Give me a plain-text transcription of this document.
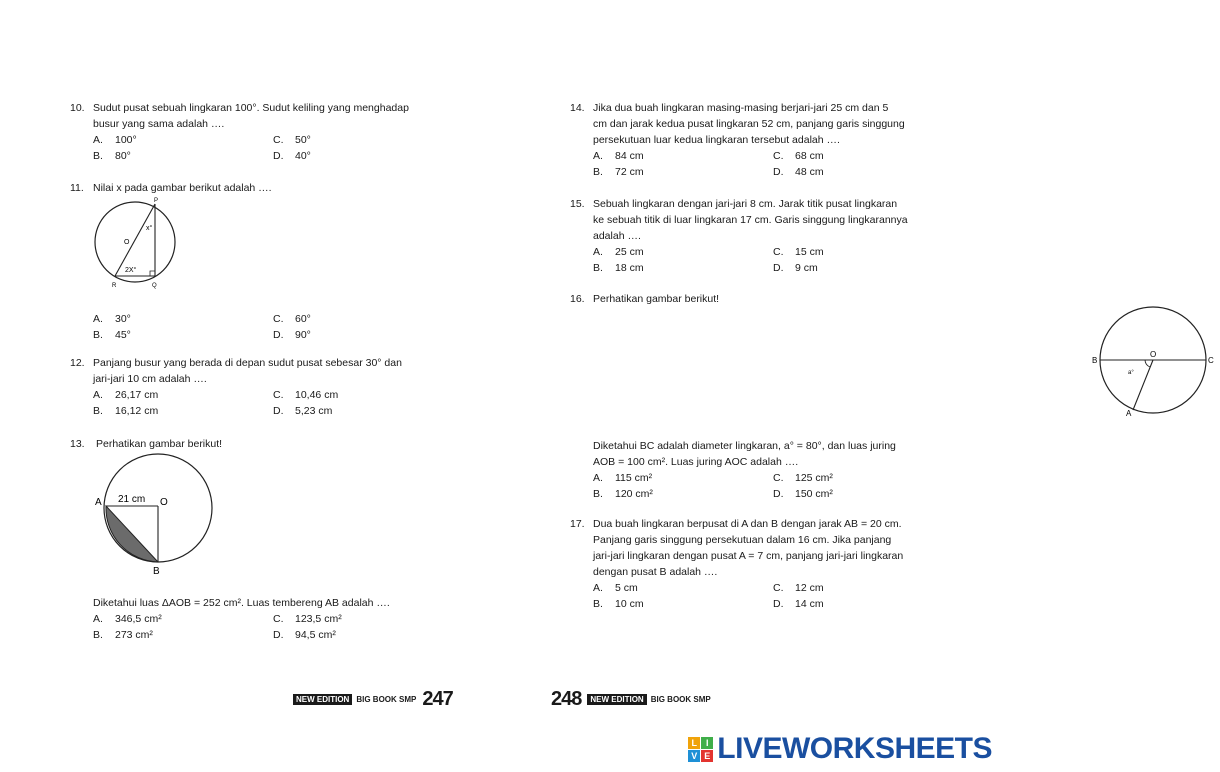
10. Sudut pusat sebuah lingkaran 100°. Sudut keliling yang menghadap
busur yang sama adalah ….
A.	100°	C.	50°
B.	80°	D.	40°
11. Nilai x pada gambar berikut adalah ….
P
x°
O
2X°
R	Q
A.	30°	C.	60°
B.	45°	D.	90°
12. Panjang busur yang berada di depan sudut pusat sebesar 30° dan
jari-jari 10 cm adalah ….
A.	26,17 cm	C.	10,46 cm
B.	16,12 cm	D.	5,23 cm
13. Perhatikan gambar berikut!
A 21 cm O
B
Diketahui luas ΔAOB = 252 cm². Luas tembereng AB adalah ….
A.	346,5 cm²	C.	123,5 cm²
B.	273 cm²	D.	94,5 cm²
NEW EDITION BIG BOOK SMP 247
14. Jika dua buah lingkaran masing-masing berjari-jari 25 cm dan 5
cm dan jarak kedua pusat lingkaran 52 cm, panjang garis singgung
persekutuan luar kedua lingkaran tersebut adalah ….
A.	84 cm	C.	68 cm
B.	72 cm	D.	48 cm
15. Sebuah lingkaran dengan jari-jari 8 cm. Jarak titik pusat lingkaran
ke sebuah titik di luar lingkaran 17 cm. Garis singgung lingkarannya
adalah ….
A.	25 cm	C.	15 cm
B.	18 cm	D.	9 cm
16. Perhatikan gambar berikut!
B
O
C
a°
A
Diketahui BC adalah diameter lingkaran, a° = 80°, dan luas juring
AOB = 100 cm². Luas juring AOC adalah ….
A.	115 cm²	C.	125 cm²
B.	120 cm²	D.	150 cm²
17. Dua buah lingkaran berpusat di A dan B dengan jarak AB = 20 cm.
Panjang garis singgung persekutuan dalam 16 cm. Jika panjang
jari-jari lingkaran dengan pusat A = 7 cm, panjang jari-jari lingkaran
dengan pusat B adalah ….
A.	5 cm	C.	12 cm
B.	10 cm	D.	14 cm
248	NEW EDITION BIG BOOK SMP
L I
V E LIVEWORKSHEETS
